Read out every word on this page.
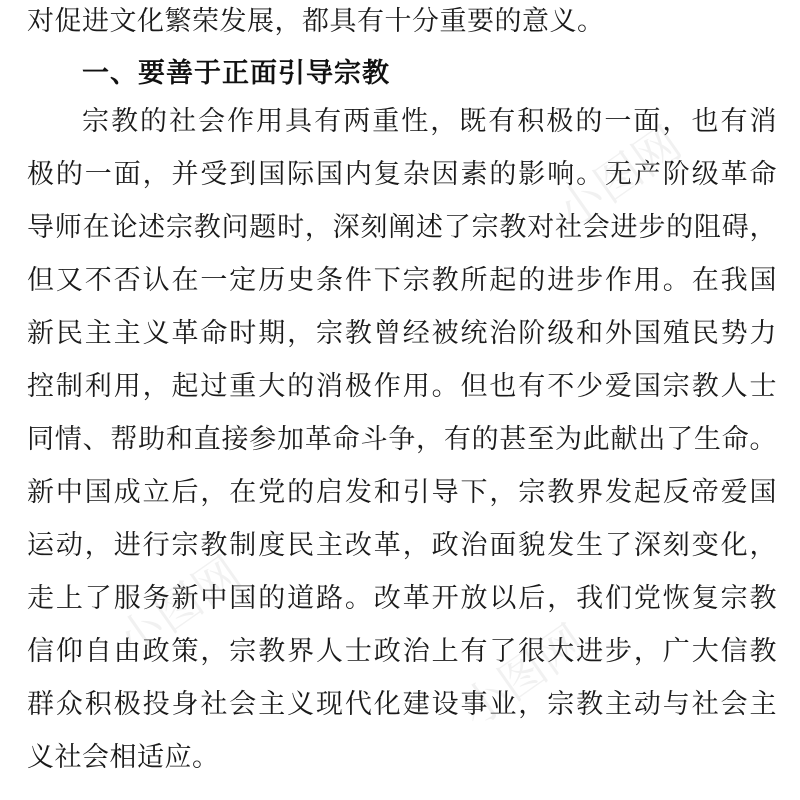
对促进文化繁荣发展，都具有十分重要的意义。
一、要善于正面引导宗教
宗教的社会作用具有两重性，既有积极的一面，也有消
极的一面，并受到国际国内复杂因素的影响。无产阶级革命
导师在论述宗教问题时，深刻阐述了宗教对社会进步的阻碍，
但又不否认在一定历史条件下宗教所起的进步作用。在我国
新民主主义革命时期，宗教曾经被统治阶级和外国殖民势力
控制利用，起过重大的消极作用。但也有不少爱国宗教人士
同情、帮助和直接参加革命斗争，有的甚至为此献出了生命。
新中国成立后，在党的启发和引导下，宗教界发起反帝爱国
运动，进行宗教制度民主改革，政治面貌发生了深刻变化，
走上了服务新中国的道路。改革开放以后，我们党恢复宗教
信仰自由政策，宗教界人士政治上有了很大进步，广大信教
群众积极投身社会主义现代化建设事业，宗教主动与社会主
义社会相适应。
小图网
小图网
小图网
